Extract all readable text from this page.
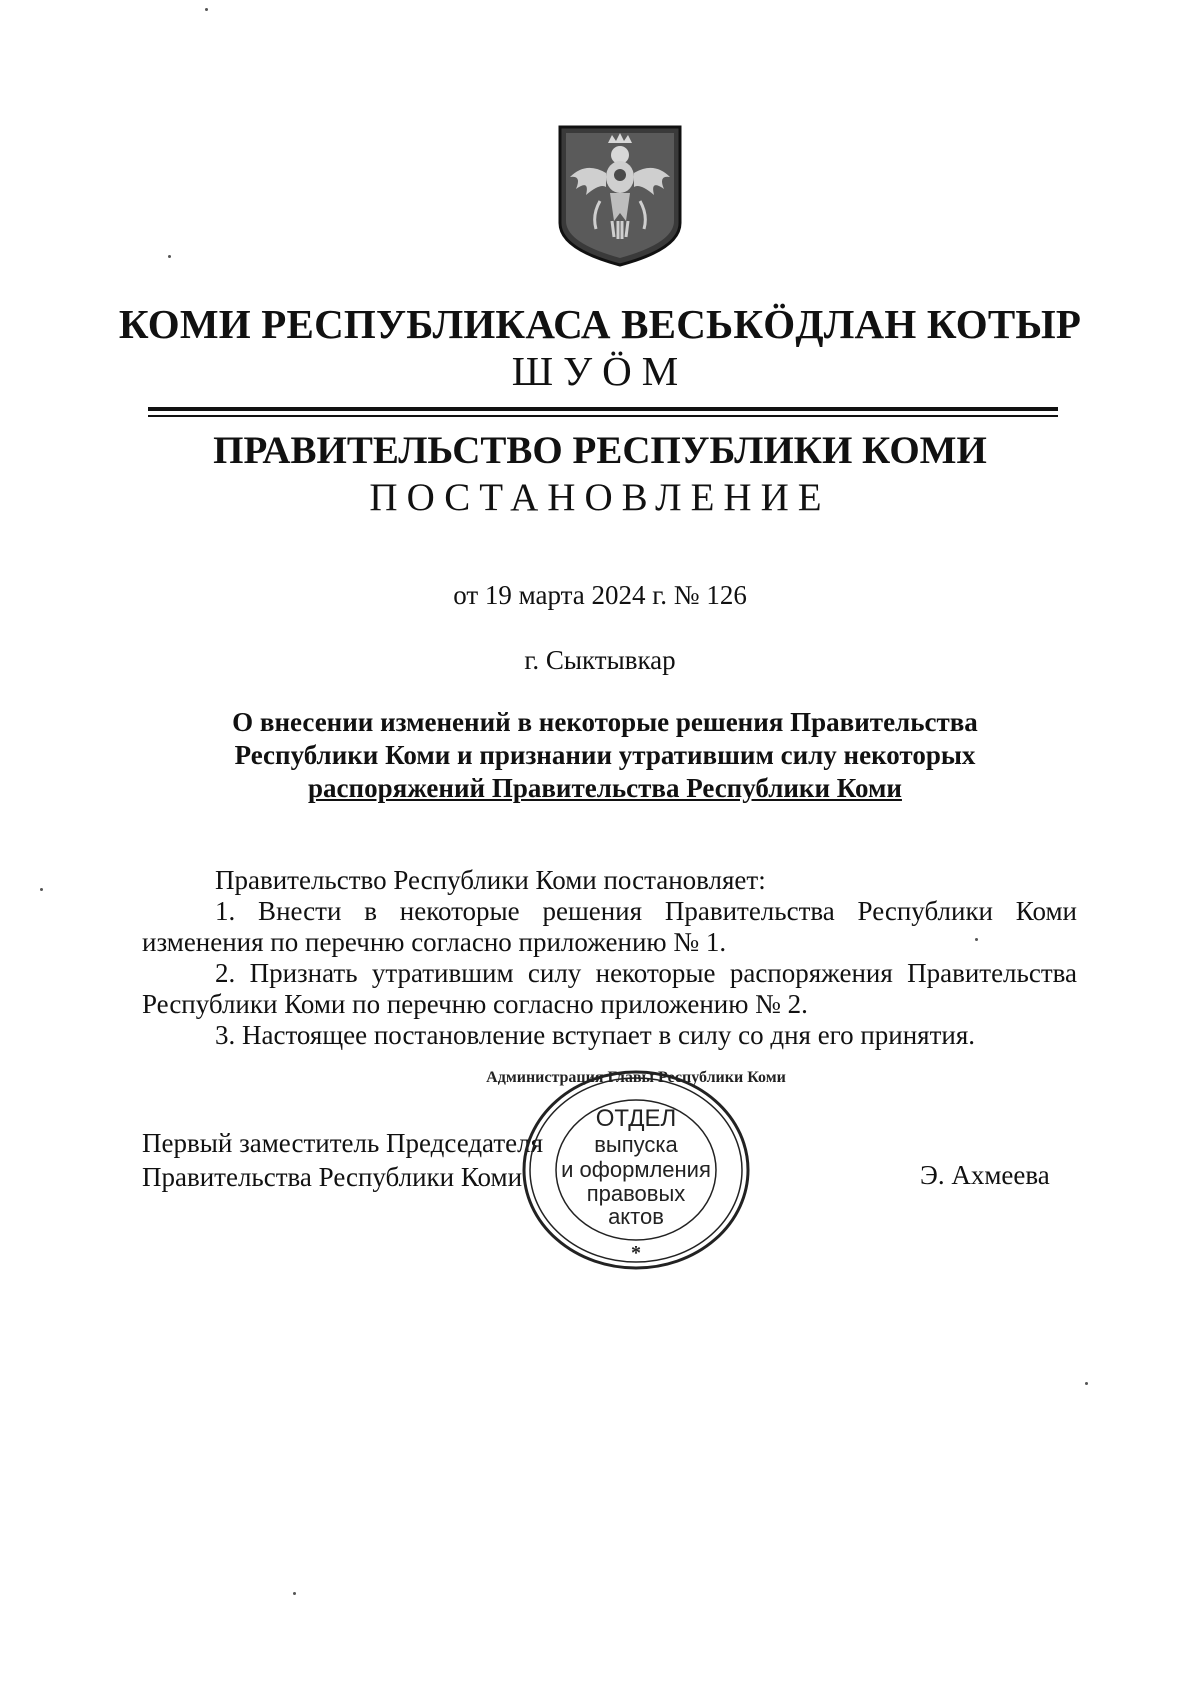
КОМИ РЕСПУБЛИКАСА ВЕСЬКӦДЛАН КОТЫР
ШУӦМ
ПРАВИТЕЛЬСТВО РЕСПУБЛИКИ КОМИ
ПОСТАНОВЛЕНИЕ
от 19 марта 2024 г. № 126
г. Сыктывкар
О внесении изменений в некоторые решения Правительства
Республики Коми и признании утратившим силу некоторых
распоряжений Правительства Республики Коми

Правительство Республики Коми постановляет:

1. Внести в некоторые решения Правительства Республики Коми изменения по перечню согласно приложению № 1.

2. Признать утратившим силу некоторые распоряжения Правительства Республики Коми по перечню согласно приложению № 2.

3. Настоящее постановление вступает в силу со дня его принятия.

Первый заместитель Председателя
Правительства Республики Коми	Э. Ахмеева
Администрация Главы Республики Коми
ОТДЕЛ
выпуска
и оформления
правовых
актов
*
